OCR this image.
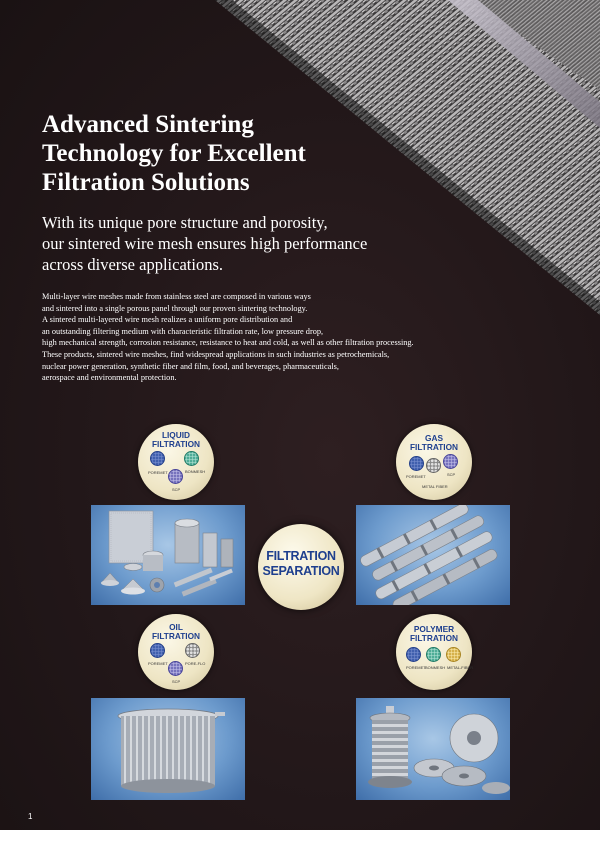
Advanced Sintering
Technology for Excellent
Filtration Solutions
With its unique pore structure and porosity,
our sintered wire mesh ensures high performance
across diverse applications.
Multi-layer wire meshes made from stainless steel are composed in various ways
and sintered into a single porous panel through our proven sintering technology.
A sintered multi-layered wire mesh realizes a uniform pore distribution and
an outstanding filtering medium with characteristic filtration rate, low pressure drop,
high mechanical strength, corrosion resistance, resistance to heat and cold, as well as other filtration processing.
These products, sintered wire meshes, find widespread applications in such industries as petrochemicals,
nuclear power generation, synthetic fiber and film, food, and beverages, pharmaceuticals,
aerospace and environmental protection.
LIQUID
FILTRATION
POREMET	BONMESH
SCP
GAS
FILTRATION
POREMET	SCP
METAL FIBER
FILTRATION
SEPARATION
OIL
FILTRATION
POREMET	PORE-FLO
SCP
POLYMER
FILTRATION
POREMET BONMESH METAL-FIBER
1
